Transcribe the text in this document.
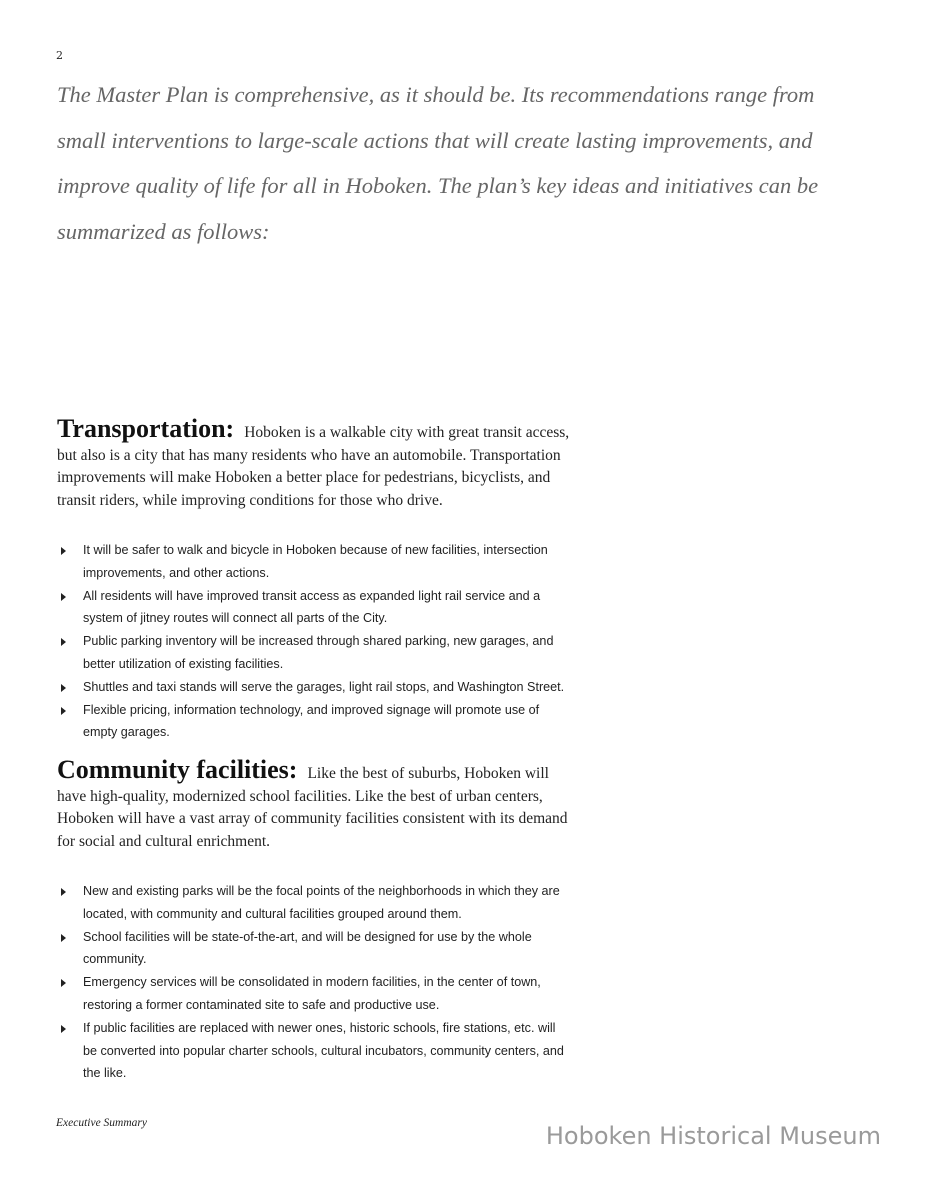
2

The Master Plan is comprehensive, as it should be. Its recommendations range from small interventions to large-scale actions that will create lasting improvements, and improve quality of life for all in Hoboken. The plan’s key ideas and initiatives can be summarized as follows:

Transportation: Hoboken is a walkable city with great transit access, but also is a city that has many residents who have an automobile. Transportation improvements will make Hoboken a better place for pedestrians, bicyclists, and transit riders, while improving conditions for those who drive.

It will be safer to walk and bicycle in Hoboken because of new facilities, intersection improvements, and other actions.
All residents will have improved transit access as expanded light rail service and a system of jitney routes will connect all parts of the City.
Public parking inventory will be increased through shared parking, new garages, and better utilization of existing facilities.
Shuttles and taxi stands will serve the garages, light rail stops, and Washington Street.
Flexible pricing, information technology, and improved signage will promote use of empty garages.

Community facilities: Like the best of suburbs, Hoboken will have high-quality, modernized school facilities. Like the best of urban centers, Hoboken will have a vast array of community facilities consistent with its demand for social and cultural enrichment.

New and existing parks will be the focal points of the neighborhoods in which they are located, with community and cultural facilities grouped around them.
School facilities will be state-of-the-art, and will be designed for use by the whole community.
Emergency services will be consolidated in modern facilities, in the center of town, restoring a former contaminated site to safe and productive use.
If public facilities are replaced with newer ones, historic schools, fire stations, etc. will be converted into popular charter schools, cultural incubators, community centers, and the like.
Executive Summary	Hoboken Historical Museum
